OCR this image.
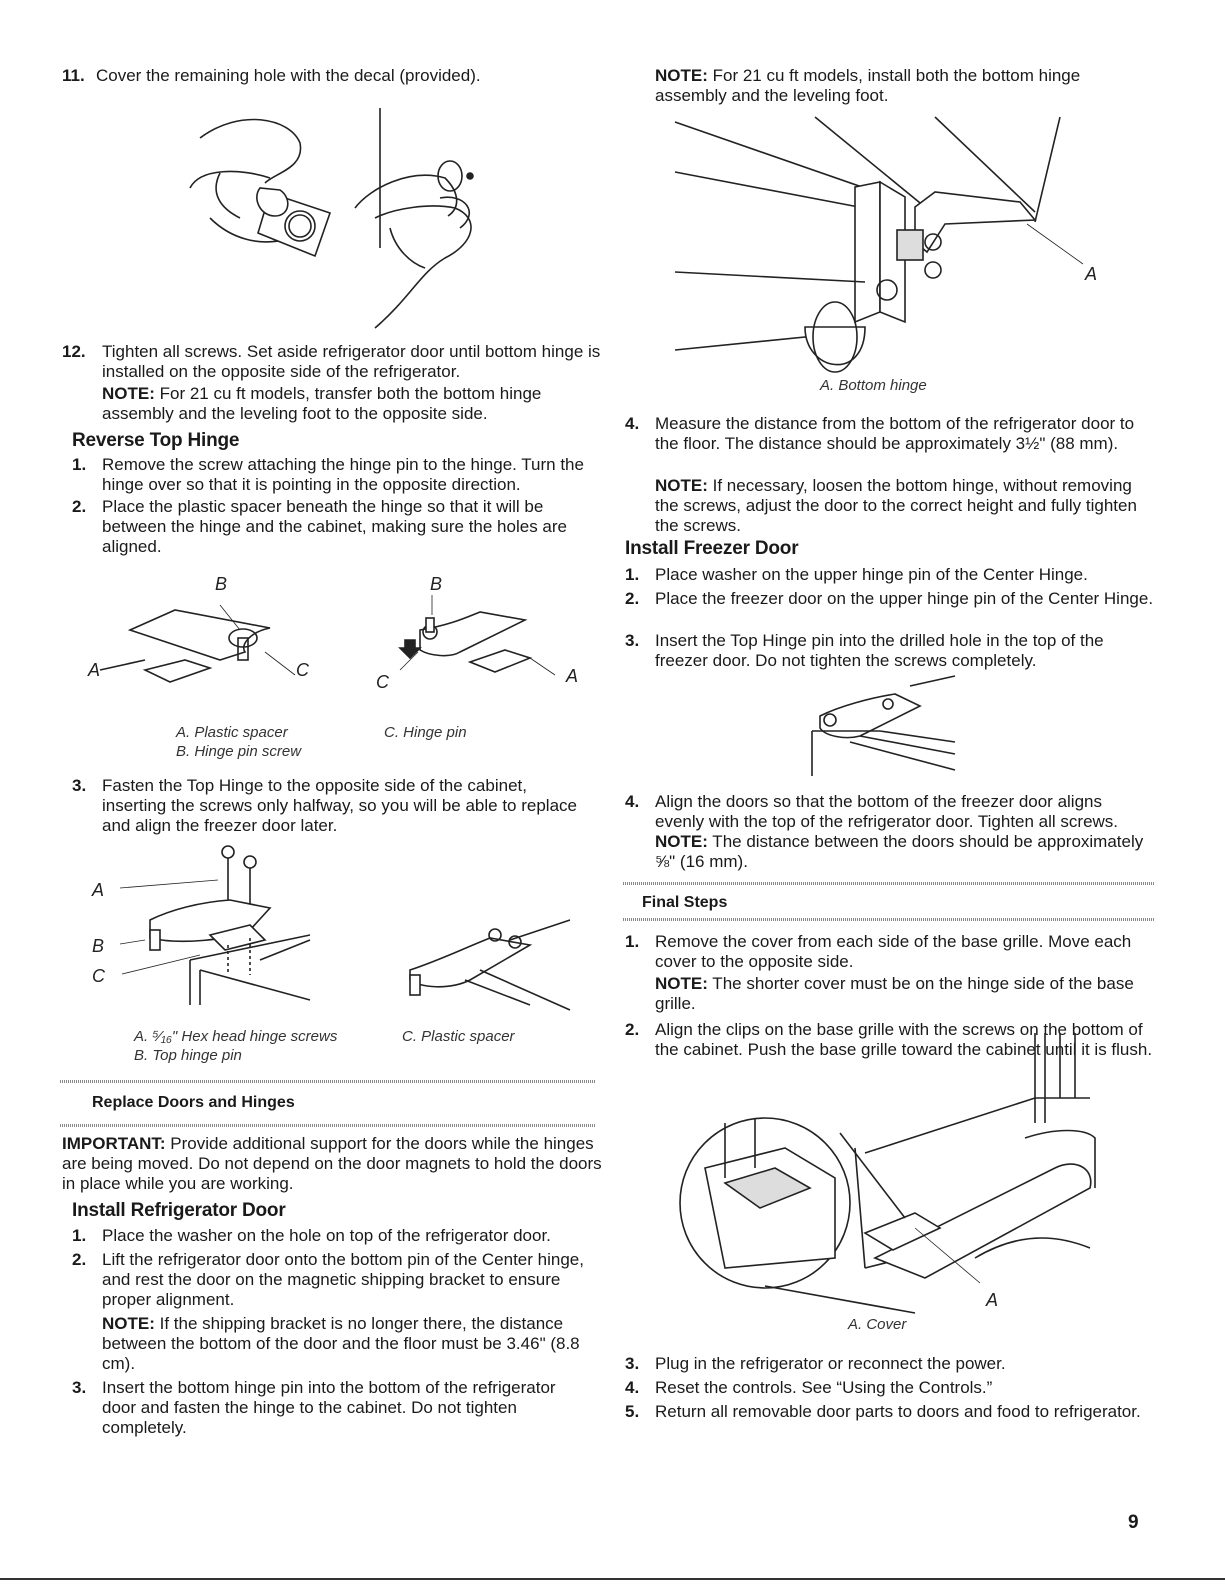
11. Cover the remaining hole with the decal (provided).
12. Tighten all screws. Set aside refrigerator door until bottom hinge is installed on the opposite side of the refrigerator.
NOTE: For 21 cu ft models, transfer both the bottom hinge assembly and the leveling foot to the opposite side.
Reverse Top Hinge
1. Remove the screw attaching the hinge pin to the hinge. Turn the hinge over so that it is pointing in the opposite direction.
2. Place the plastic spacer beneath the hinge so that it will be between the hinge and the cabinet, making sure the holes are aligned.
B	B
A	C
C	A
A. Plastic spacer
B. Hinge pin screw
C. Hinge pin
3. Fasten the Top Hinge to the opposite side of the cabinet, inserting the screws only halfway, so you will be able to replace and align the freezer door later.
A
B
C
A. ⁵⁄₁₆" Hex head hinge screws
B. Top hinge pin
C. Plastic spacer
Replace Doors and Hinges
IMPORTANT: Provide additional support for the doors while the hinges are being moved. Do not depend on the door magnets to hold the doors in place while you are working.
Install Refrigerator Door
1. Place the washer on the hole on top of the refrigerator door.
2. Lift the refrigerator door onto the bottom pin of the Center hinge, and rest the door on the magnetic shipping bracket to ensure proper alignment.
NOTE: If the shipping bracket is no longer there, the distance between the bottom of the door and the floor must be 3.46" (8.8 cm).
3. Insert the bottom hinge pin into the bottom of the refrigerator door and fasten the hinge to the cabinet. Do not tighten completely.
NOTE: For 21 cu ft models, install both the bottom hinge assembly and the leveling foot.
A
A. Bottom hinge
4. Measure the distance from the bottom of the refrigerator door to the floor. The distance should be approximately 3½" (88 mm).
NOTE: If necessary, loosen the bottom hinge, without removing the screws, adjust the door to the correct height and fully tighten the screws.
Install Freezer Door
1. Place washer on the upper hinge pin of the Center Hinge.
2. Place the freezer door on the upper hinge pin of the Center Hinge.
3. Insert the Top Hinge pin into the drilled hole in the top of the freezer door. Do not tighten the screws completely.
4. Align the doors so that the bottom of the freezer door aligns evenly with the top of the refrigerator door. Tighten all screws.
NOTE: The distance between the doors should be approximately ⅝" (16 mm).
Final Steps
1. Remove the cover from each side of the base grille. Move each cover to the opposite side.
NOTE: The shorter cover must be on the hinge side of the base grille.
2. Align the clips on the base grille with the screws on the bottom of the cabinet. Push the base grille toward the cabinet until it is flush.
A
A. Cover
3. Plug in the refrigerator or reconnect the power.
4. Reset the controls. See “Using the Controls.”
5. Return all removable door parts to doors and food to refrigerator.
9
